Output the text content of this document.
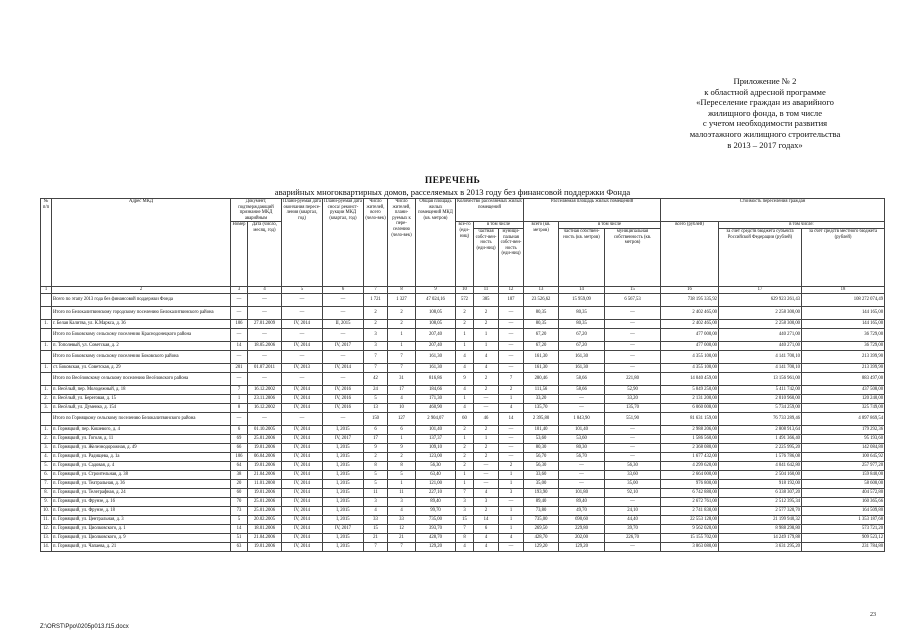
Приложение № 2
к областной адресной программе
«Переселение граждан из аварийного
жилищного фонда, в том числе
с учетом необходимости развития
малоэтажного жилищного строительства
в 2013 – 2017 годах»
ПЕРЕЧЕНЬ
аварийных многоквартирных домов, расселяемых в 2013 году без финансовой поддержки Фонда
№ п/п	Адрес МКД	Документ, подтверждающий признание МКД аварийным		Плани-руемая дата окончания пересе-ления (квартал, год)	Плани-руемая дата сноса/ реконст-рукции МКД (квартал, год)	Число жителей, всего (чело-век)	Число жителей, плани-руемых к пере-селению (чело-век)	Общая площадь жилых помещений МКД (кв. метров)	Количество расселяемых жилых помещений			Расселяемая площадь жилых помещений			Стоимость переселения граждан		
		Номер	Дата (число, месяц, год)						все-го (еди-ниц)	в том числе		всего (кв. метров)	в том числе		всего (рублей)	в том числе:	
										частная собст-вен-ность (еди-ниц)	муници-пальная собст-вен-ность (еди-ниц)		частная собствен-ность (кв. метров)	муниципальная собственность (кв. метров)		за счет средств бюджета субъекта Российской Федерации (рублей)	за счет средств местного бюджета (рублей)
1	2	3	4	5	6	7	8	9	10	11	12	13	14	15	16	17	18
	Всего по этапу 2013 года без финансовой поддержки Фонда	—	—	—	—	1 721	1 327	47 024,16	572	385	187	23 526,62	15 959,09	6 567,53	738 195 335,92	629 923 261,43	108 272 074,49
	Итого по Белокалитвинскому городскому поселению Белокалитвинского района	—	—	—	—	2	2	108,05	2	2	—	80,35	80,35	—	2 402 465,00	2 258 300,00	144 165,00
1.	г. Белая Калитва, ул. К.Маркса, д. 36	106	27.01.2009	IV, 2014	II, 2015	2	2	108,05	2	2	—	80,35	80,35	—	2 402 465,00	2 258 300,00	144 165,00
	Итого по Боковскому сельскому поселению Краснодонецкого района	—	—	—	—	3	1	207,40	1	1	—	67,20	67,20	—	477 000,00	440 271,00	36 729,00
1.	п. Тополевый, ул. Советская, д. 2	14	18.05.2006	IV, 2014	IV, 2017	3	1	207,40	1	1	—	67,20	67,20	—	477 000,00	440 271,00	36 729,00
	Итого по Боковскому сельскому поселению Боковского района	—	—	—	—	7	7	161,30	4	4	—	161,30	161,30	—	4 355 100,00	4 141 700,10	213 399,90
1.	ст. Боковская, ул. Советская, д. 29	201	01.07.2011	IV, 2013	IV, 2014	7	7	161,30	4	4	—	161,30	161,30	—	4 355 100,00	4 141 700,10	213 399,90
	Итого по Весёловскому сельскому поселению Весёловского района	—	—	—	—	42	31	816,86	9	2	7	280,46	58,66	221,80	14 040 459,00	13 156 961,00	883 497,00
1.	п. Весёлый, пер. Молодежный, д. 18	7	16.12.2002	IV, 2014	IV, 2016	24	17	184,66	4	2	2	111,56	58,66	52,90	5 849 250,00	5 411 742,00	437 508,00
2.	п. Весёлый, ул. Береговая, д. 15	1	23.11.2006	IV, 2014	IV, 2016	5	4	171,30	1	—	1	33,20	—	33,20	2 131 200,00	2 010 960,00	120 240,00
3.	п. Весёлый, ул. Думенко, д. 154	8	16.12.2002	IV, 2014	IV, 2016	13	10	460,90	4	—	4	135,70	—	135,70	6 060 008,00	5 734 259,00	325 749,00
	Итого по Горняцкому сельскому поселению Белокалитвинского района	—	—	—	—	150	127	2 904,07	60	46	14	2 395,80	1 843,90	551,90	81 631 159,00	76 733 289,46	4 897 869,54
1.	п. Горняцкий, пер. Кошевого, д. 4	6	01.10.2005	IV, 2014	I, 2015	6	6	101,40	2	2	—	101,40	101,40	—	2 988 206,00	2 808 913,64	179 292,36
2.	п. Горняцкий, ул. Гоголя, д. 11	69	25.01.2006	IV, 2014	IV, 2017	17	1	137,37	1	1	—	53,60	53,60	—	1 586 560,00	1 491 366,40	95 193,60
3.	п. Горняцкий, ул. Железнодорожная, д. 49	66	19.01.2006	IV, 2014	I, 2015	9	9	109,10	2	2	—	80,30	80,30	—	2 368 080,00	2 225 995,20	142 084,80
4.	п. Горняцкий, ул. Радищева, д. 1а	106	06.04.2006	IV, 2014	I, 2015	2	2	123,00	2	2	—	56,70	56,70	—	1 677 432,00	1 576 786,08	100 645,92
5.	п. Горняцкий, ул. Садовая, д. 4	64	19.01.2006	IV, 2014	I, 2015	8	8	56,30	2	—	2	56,30	—	56,30	4 299 620,00	4 041 642,80	257 977,20
6.	п. Горняцкий, ул. Строительная, д. 38	38	21.04.2006	IV, 2014	I, 2015	5	5	63,40	1	—	1	33,60	—	33,60	2 664 000,00	2 504 160,00	159 840,00
7.	п. Горняцкий, ул. Театральная, д. 36	20	11.01.2008	IV, 2014	I, 2015	5	1	121,00	1	—	1	35,00	—	35,00	976 800,00	918 192,00	58 608,00
8.	п. Горняцкий, ул. Телеграфная, д. 24	60	19.01.2006	IV, 2014	I, 2015	11	11	227,10	7	4	3	193,90	101,80	92,10	6 742 880,00	6 338 307,20	404 572,80
9.	п. Горняцкий, ул. Фрунзе, д. 16	70	25.01.2006	IV, 2014	I, 2015	3	3	89,40	3	3	—	89,40	89,40	—	2 672 761,00	2 512 395,34	160 365,66
10.	п. Горняцкий, ул. Фрунзе, д. 18	73	25.01.2006	IV, 2014	I, 2015	4	4	99,70	3	2	1	73,80	49,70	24,10	2 741 830,00	2 577 320,70	164 509,80
11.	п. Горняцкий, ул. Центральная, д. 3	5	20.02.2005	IV, 2014	I, 2015	33	33	735,00	15	14	1	735,00	690,60	44,40	22 553 128,00	21 199 940,32	1 353 187,68
12.	п. Горняцкий, ул. Циолковского, д. 1	14	18.01.2006	IV, 2014	IV, 2017	15	12	393,70	7	6	1	269,50	229,80	39,70	9 562 020,00	8 988 298,80	573 721,20
13.	п. Горняцкий, ул. Циолковского, д. 9	51	21.04.2006	IV, 2014	I, 2015	21	21	428,70	8	4	4	428,70	202,00	226,70	15 155 702,00	14 249 179,88	909 523,12
14.	п. Горняцкий, ул. Чапаева, д. 21	63	19.01.2006	IV, 2014	I, 2015	7	7	129,20	4	4	—	129,20	129,20	—	3 863 080,00	3 631 295,20	231 784,80
23
Z:\ORST\Ppo\0205p013.f15.docx
